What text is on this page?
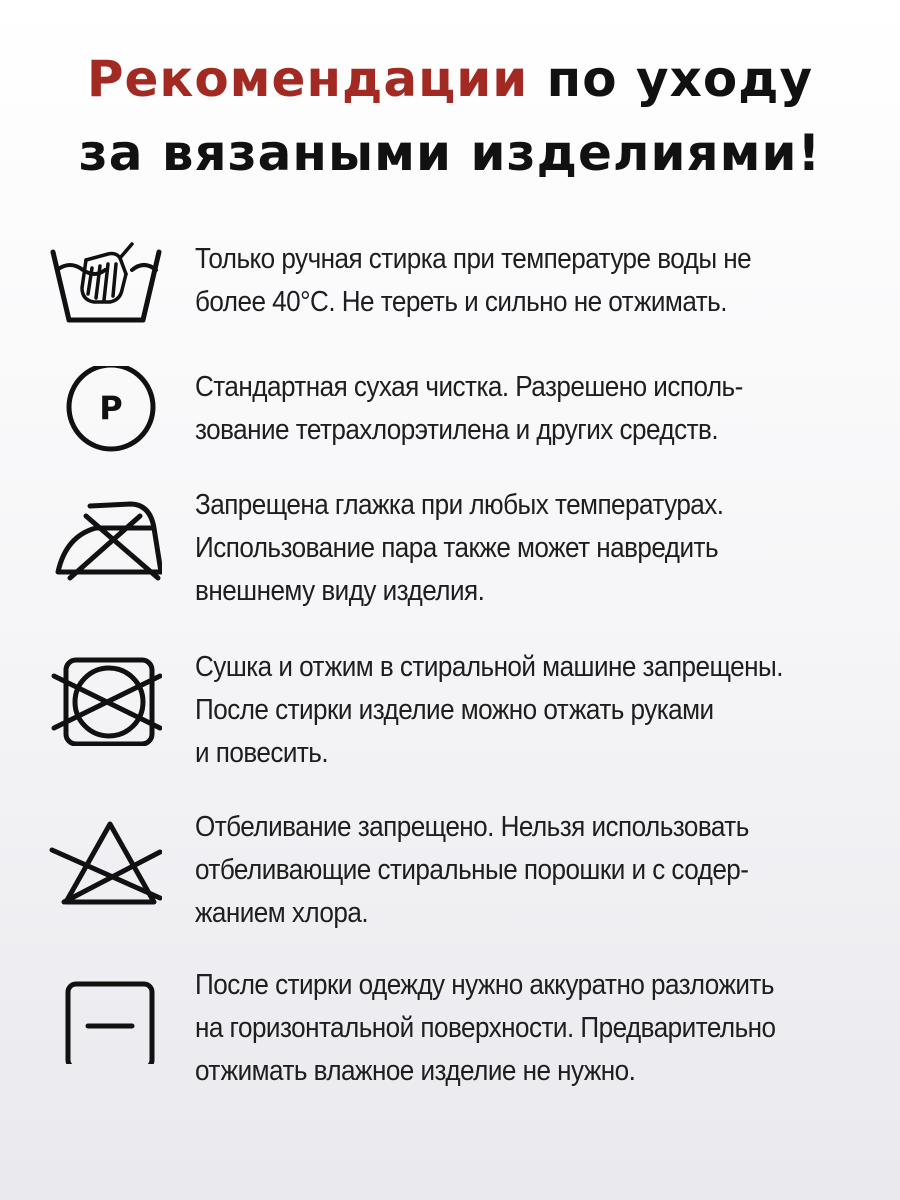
Рекомендации по уходу
за вязаными изделиями!
Только ручная стирка при температуре воды не
более 40°С. Не тереть и сильно не отжимать.
P
Стандартная сухая чистка. Разрешено исполь-
зование тетрахлорэтилена и других средств.
Запрещена глажка при любых температурах.
Использование пара также может навредить
внешнему виду изделия.
Сушка и отжим в стиральной машине запрещены.
После стирки изделие можно отжать руками
и повесить.
Отбеливание запрещено. Нельзя использовать
отбеливающие стиральные порошки и с содер-
жанием хлора.
После стирки одежду нужно аккуратно разложить
на горизонтальной поверхности. Предварительно
отжимать влажное изделие не нужно.
